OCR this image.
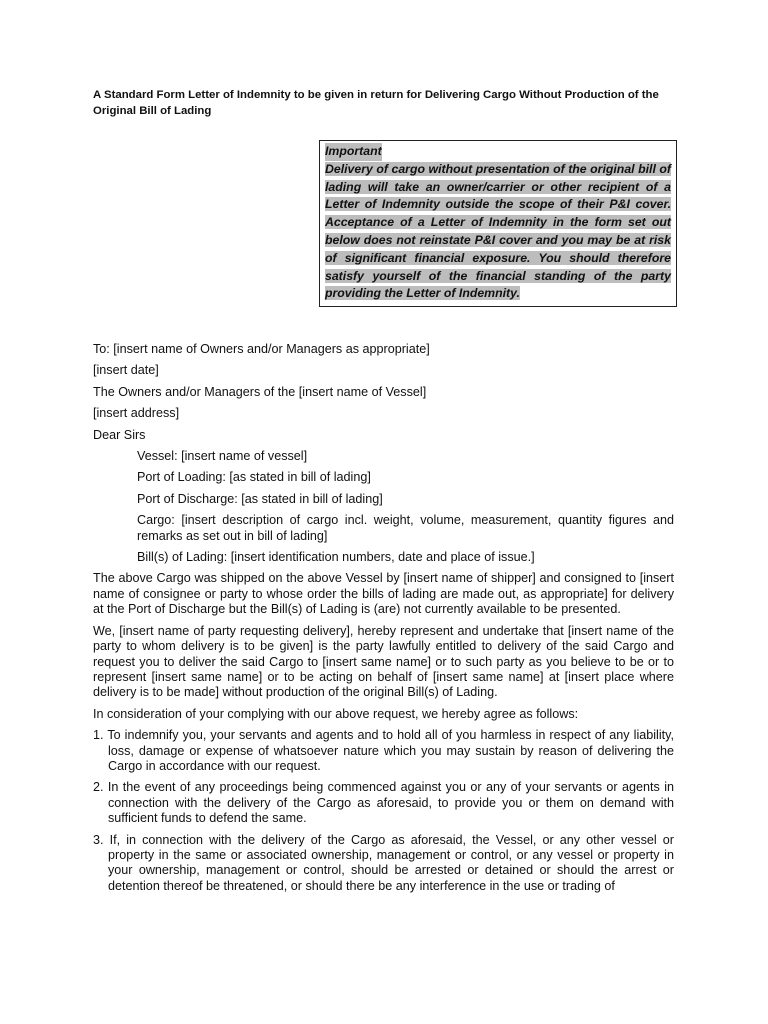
A Standard Form Letter of Indemnity to be given in return for Delivering Cargo Without Production of the Original Bill of Lading
Important
Delivery of cargo without presentation of the original bill of lading will take an owner/carrier or other recipient of a Letter of Indemnity outside the scope of their P&I cover. Acceptance of a Letter of Indemnity in the form set out below does not reinstate P&I cover and you may be at risk of significant financial exposure. You should therefore satisfy yourself of the financial standing of the party providing the Letter of Indemnity.

To: [insert name of Owners and/or Managers as appropriate]

[insert date]

The Owners and/or Managers of the [insert name of Vessel]

[insert address]

Dear Sirs

Vessel: [insert name of vessel]

Port of Loading: [as stated in bill of lading]

Port of Discharge: [as stated in bill of lading]

Cargo: [insert description of cargo incl. weight, volume, measurement, quantity figures and remarks as set out in bill of lading]

Bill(s) of Lading: [insert identification numbers, date and place of issue.]

The above Cargo was shipped on the above Vessel by [insert name of shipper] and consigned to [insert name of consignee or party to whose order the bills of lading are made out, as appropriate] for delivery at the Port of Discharge but the Bill(s) of Lading is (are) not currently available to be presented.

We, [insert name of party requesting delivery], hereby represent and undertake that [insert name of the party to whom delivery is to be given] is the party lawfully entitled to delivery of the said Cargo and request you to deliver the said Cargo to [insert same name] or to such party as you believe to be or to represent [insert same name] or to be acting on behalf of [insert same name] at [insert place where delivery is to be made] without production of the original Bill(s) of Lading.

In consideration of your complying with our above request, we hereby agree as follows:

1. To indemnify you, your servants and agents and to hold all of you harmless in respect of any liability, loss, damage or expense of whatsoever nature which you may sustain by reason of delivering the Cargo in accordance with our request.
2. In the event of any proceedings being commenced against you or any of your servants or agents in connection with the delivery of the Cargo as aforesaid, to provide you or them on demand with sufficient funds to defend the same.
3. If, in connection with the delivery of the Cargo as aforesaid, the Vessel, or any other vessel or property in the same or associated ownership, management or control, or any vessel or property in your ownership, management or control, should be arrested or detained or should the arrest or detention thereof be threatened, or should there be any interference in the use or trading of
